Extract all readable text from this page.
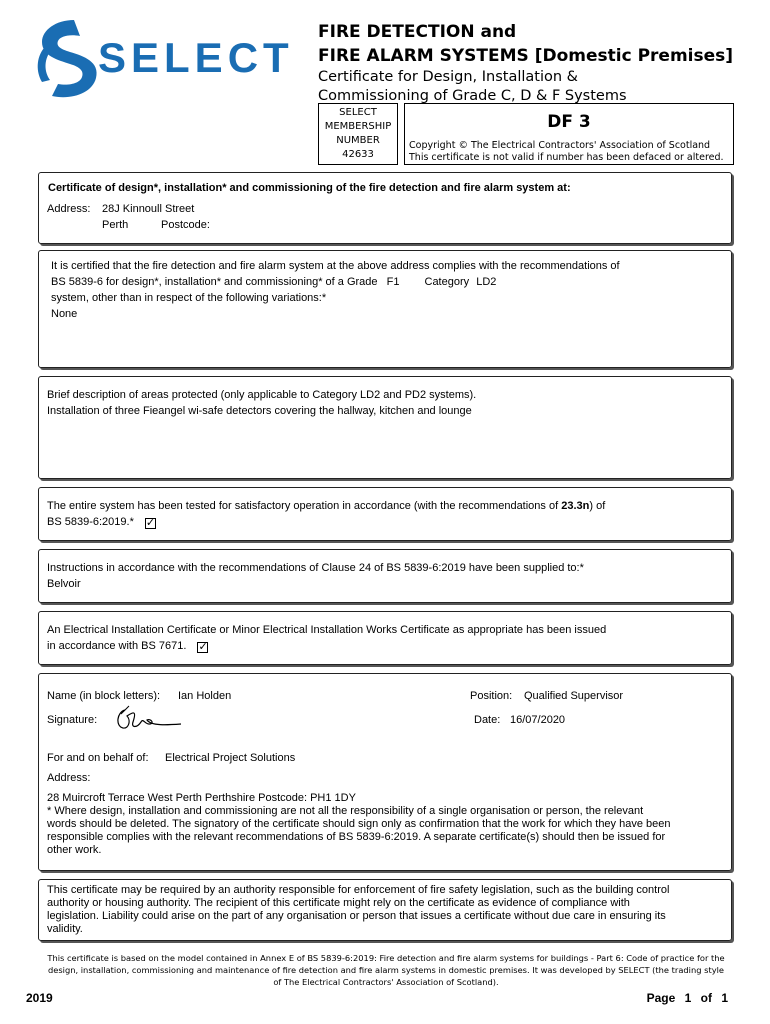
SELECT
FIRE DETECTION and
FIRE ALARM SYSTEMS [Domestic Premises]
Certificate for Design, Installation &
Commissioning of Grade C, D & F Systems
SELECT
MEMBERSHIP
NUMBER
42633
DF 3
Copyright © The Electrical Contractors' Association of Scotland
This certificate is not valid if number has been defaced or altered.
Certificate of design*, installation* and commissioning of the fire detection and fire alarm system at:
Address: 28J Kinnoull Street
Perth	Postcode:
It is certified that the fire detection and fire alarm system at the above address complies with the recommendations of
BS 5839-6 for design*, installation* and commissioning* of a Grade F1 Category LD2
system, other than in respect of the following variations:*
None
Brief description of areas protected (only applicable to Category LD2 and PD2 systems).
Installation of three Fieangel wi-safe detectors covering the hallway, kitchen and lounge
The entire system has been tested for satisfactory operation in accordance (with the recommendations of 23.3n) of
BS 5839-6:2019.* ✓
Instructions in accordance with the recommendations of Clause 24 of BS 5839-6:2019 have been supplied to:*
Belvoir
An Electrical Installation Certificate or Minor Electrical Installation Works Certificate as appropriate has been issued
in accordance with BS 7671. ✓
Name (in block letters): Ian Holden	Position: Qualified Supervisor
Signature:	Date: 16/07/2020
For and on behalf of: Electrical Project Solutions
Address:
28 Muircroft Terrace West Perth Perthshire Postcode: PH1 1DY
* Where design, installation and commissioning are not all the responsibility of a single organisation or person, the relevant
words should be deleted. The signatory of the certificate should sign only as confirmation that the work for which they have been
responsible complies with the relevant recommendations of BS 5839-6:2019. A separate certificate(s) should then be issued for
other work.
This certificate may be required by an authority responsible for enforcement of fire safety legislation, such as the building control
authority or housing authority. The recipient of this certificate might rely on the certificate as evidence of compliance with
legislation. Liability could arise on the part of any organisation or person that issues a certificate without due care in ensuring its
validity.
This certificate is based on the model contained in Annex E of BS 5839-6:2019: Fire detection and fire alarm systems for buildings - Part 6: Code of practice for the
design, installation, commissioning and maintenance of fire detection and fire alarm systems in domestic premises. It was developed by SELECT (the trading style
of The Electrical Contractors' Association of Scotland).
2019	Page 1 of 1
